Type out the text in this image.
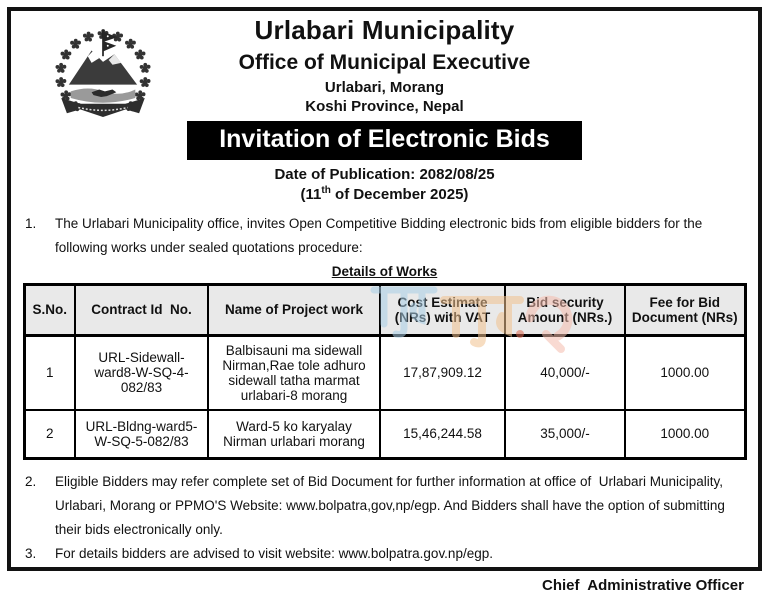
Urlabari Municipality
Office of Municipal Executive
Urlabari, Morang
Koshi Province, Nepal
Invitation of Electronic Bids
Date of Publication: 2082/08/25
(11th of December 2025)
1.	The Urlabari Municipality office, invites Open Competitive Bidding electronic bids from eligible bidders for the following works under sealed quotations procedure:
Details of Works
S.No.	Contract Id  No.	Name of Project work	Cost Estimate (NRs) with VAT	Bid security Amount (NRs.)	Fee for Bid Document (NRs)
1	URL-Sidewall-ward8-W-SQ-4-082/83	Balbisauni ma sidewall Nirman,Rae tole adhuro sidewall tatha marmat urlabari-8 morang	17,87,909.12	40,000/-	1000.00
2	URL-Bldng-ward5-W-SQ-5-082/83	Ward-5 ko karyalay Nirman urlabari morang	15,46,244.58	35,000/-	1000.00
2.	Eligible Bidders may refer complete set of Bid Document for further information at office of  Urlabari Municipality, Urlabari, Morang or PPMO'S Website: www.bolpatra,gov,np/egp. And Bidders shall have the option of submitting their bids electronically only.
3.	For details bidders are advised to visit website: www.bolpatra.gov.np/egp.
Chief  Administrative Officer
